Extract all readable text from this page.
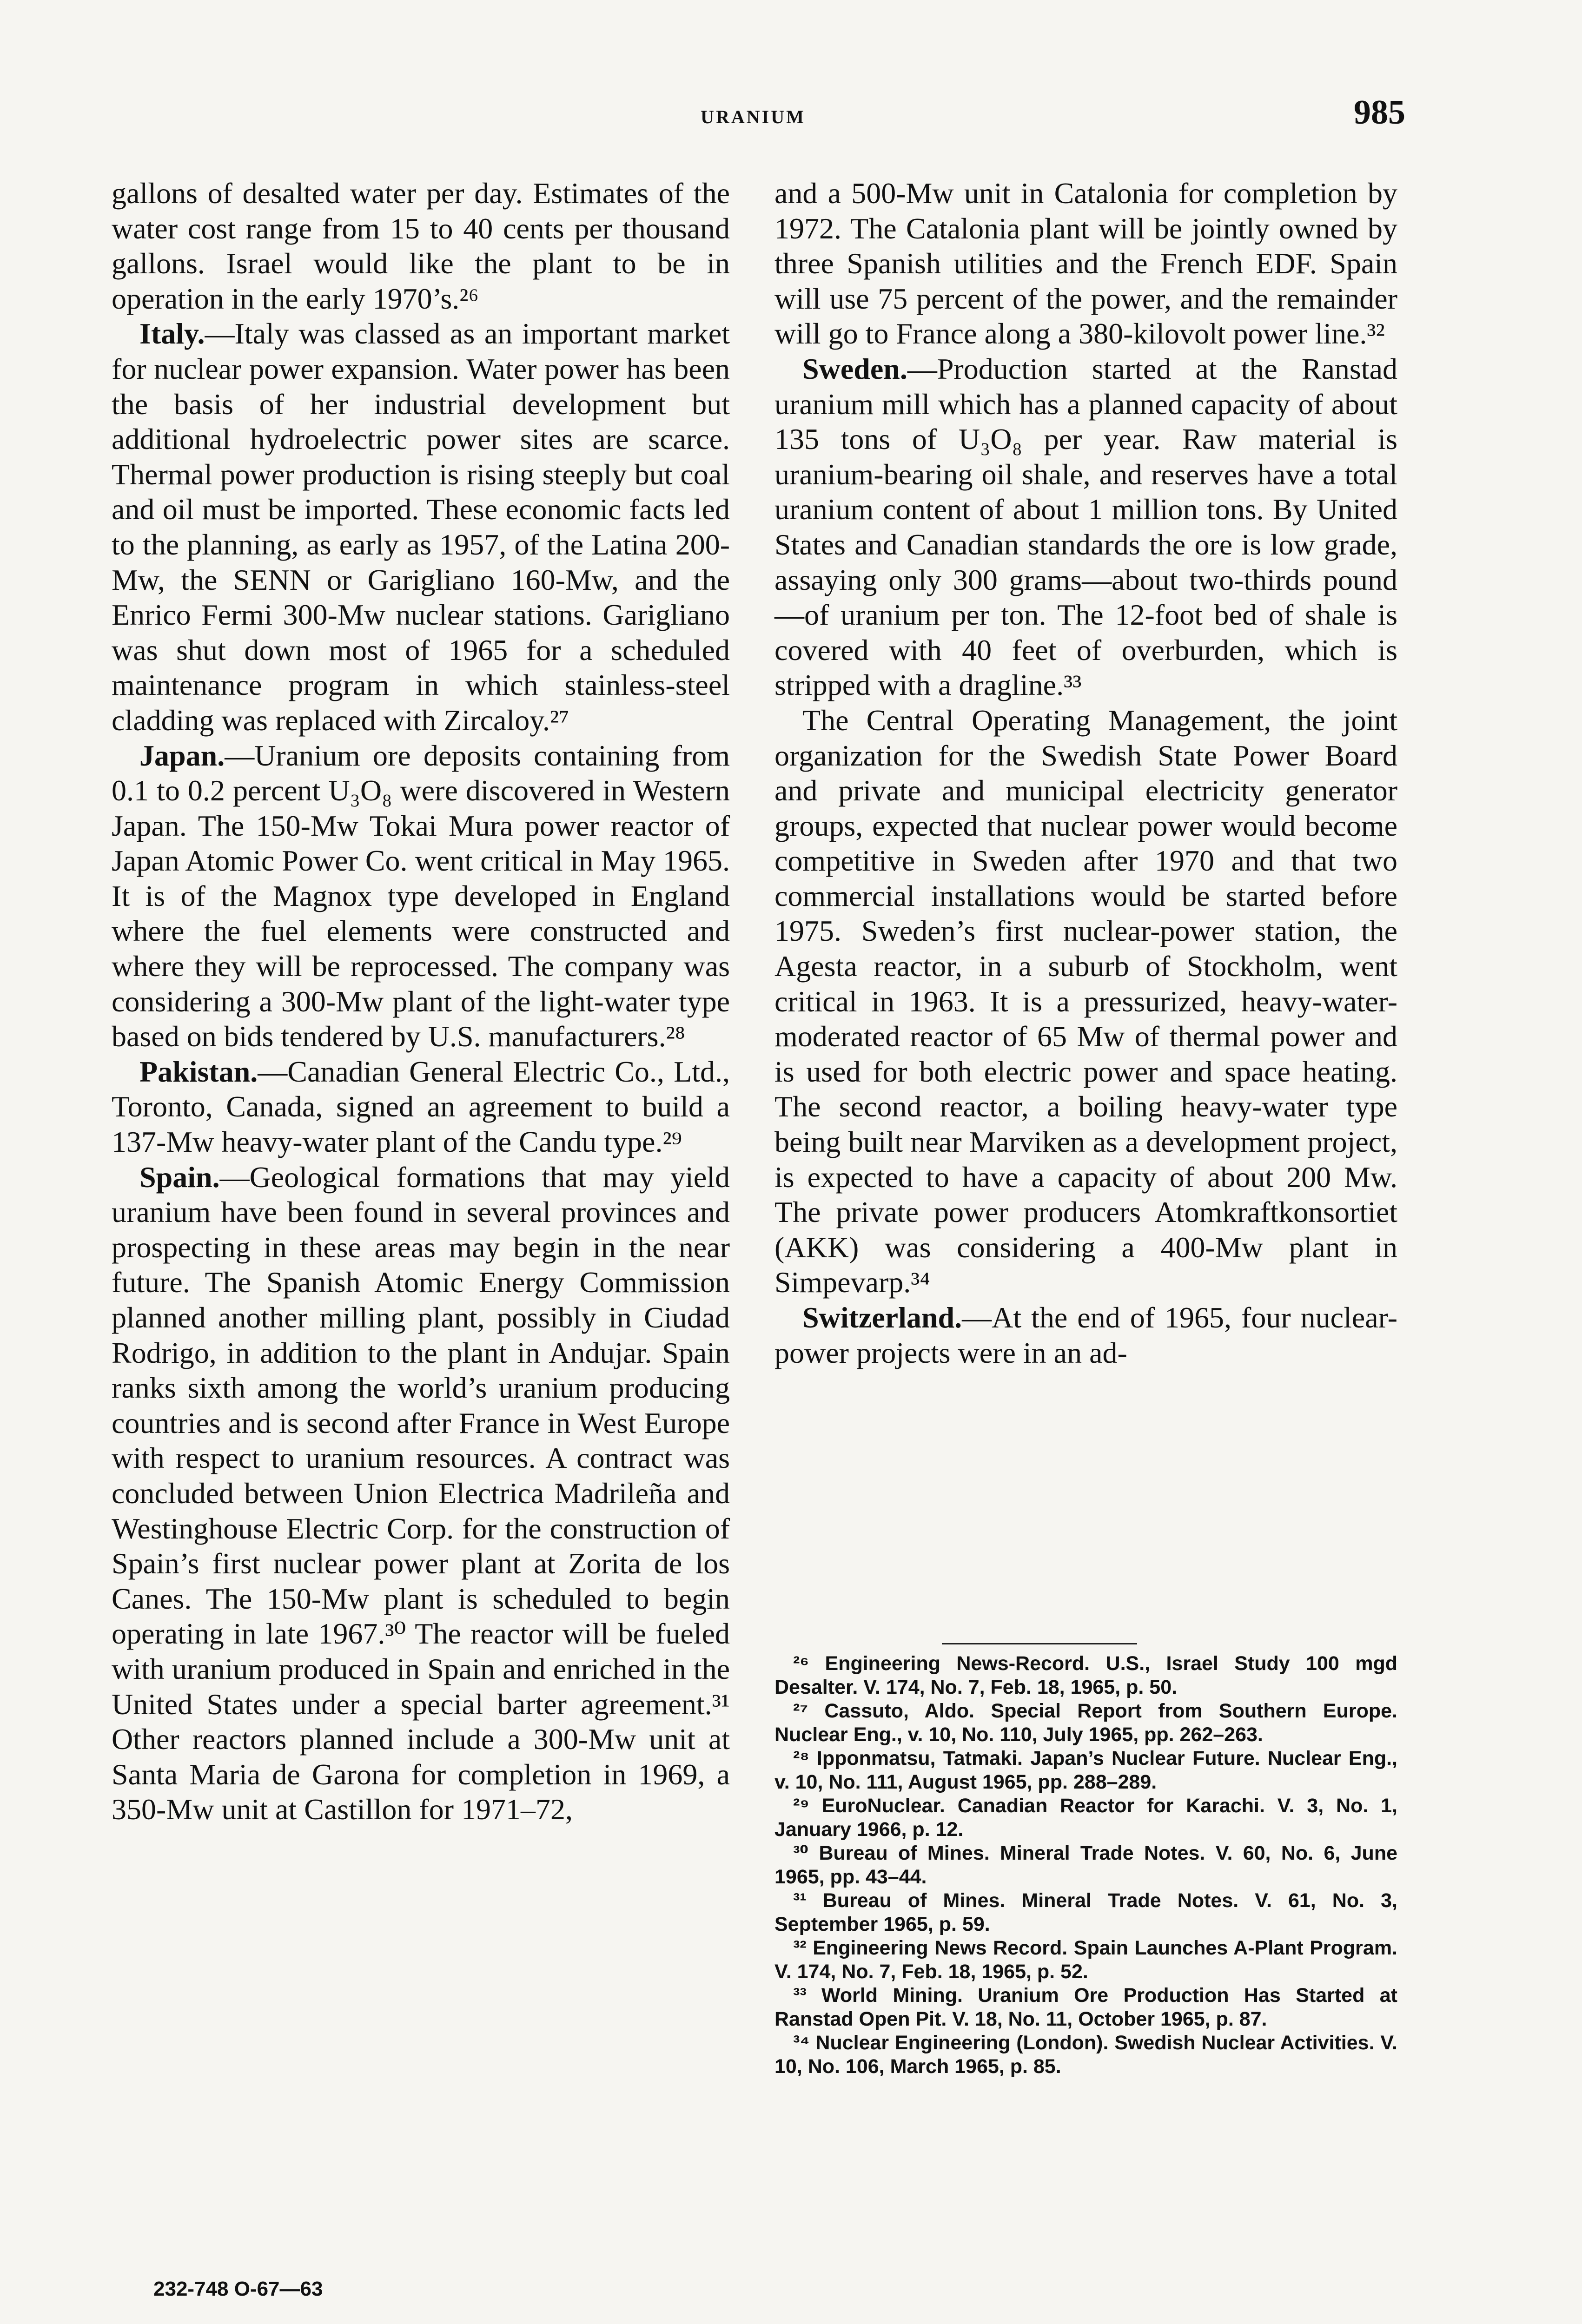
URANIUM	985

gallons of desalted water per day. Estimates of the water cost range from 15 to 40 cents per thousand gallons. Israel would like the plant to be in operation in the early 1970’s.²⁶

Italy.—Italy was classed as an important market for nuclear power expansion. Water power has been the basis of her industrial development but additional hydroelectric power sites are scarce. Thermal power production is rising steeply but coal and oil must be imported. These economic facts led to the planning, as early as 1957, of the Latina 200-Mw, the SENN or Garigliano 160-Mw, and the Enrico Fermi 300-Mw nuclear stations. Garigliano was shut down most of 1965 for a scheduled maintenance program in which stainless-steel cladding was replaced with Zircaloy.²⁷

Japan.—Uranium ore deposits containing from 0.1 to 0.2 percent U₃O₈ were discovered in Western Japan. The 150-Mw Tokai Mura power reactor of Japan Atomic Power Co. went critical in May 1965. It is of the Magnox type developed in England where the fuel elements were constructed and where they will be reprocessed. The company was considering a 300-Mw plant of the light-water type based on bids tendered by U.S. manufacturers.²⁸

Pakistan.—Canadian General Electric Co., Ltd., Toronto, Canada, signed an agreement to build a 137-Mw heavy-water plant of the Candu type.²⁹

Spain.—Geological formations that may yield uranium have been found in several provinces and prospecting in these areas may begin in the near future. The Spanish Atomic Energy Commission planned another milling plant, possibly in Ciudad Rodrigo, in addition to the plant in Andujar. Spain ranks sixth among the world’s uranium producing countries and is second after France in West Europe with respect to uranium resources. A contract was concluded between Union Electrica Madrileña and Westinghouse Electric Corp. for the construction of Spain’s first nuclear power plant at Zorita de los Canes. The 150-Mw plant is scheduled to begin operating in late 1967.³⁰ The reactor will be fueled with uranium produced in Spain and enriched in the United States under a special barter agreement.³¹ Other reactors planned include a 300-Mw unit at Santa Maria de Garona for completion in 1969, a 350-Mw unit at Castillon for 1971–72,

and a 500-Mw unit in Catalonia for completion by 1972. The Catalonia plant will be jointly owned by three Spanish utilities and the French EDF. Spain will use 75 percent of the power, and the remainder will go to France along a 380-kilovolt power line.³²

Sweden.—Production started at the Ranstad uranium mill which has a planned capacity of about 135 tons of U₃O₈ per year. Raw material is uranium-bearing oil shale, and reserves have a total uranium content of about 1 million tons. By United States and Canadian standards the ore is low grade, assaying only 300 grams—about two-thirds pound—of uranium per ton. The 12-foot bed of shale is covered with 40 feet of overburden, which is stripped with a dragline.³³

The Central Operating Management, the joint organization for the Swedish State Power Board and private and municipal electricity generator groups, expected that nuclear power would become competitive in Sweden after 1970 and that two commercial installations would be started before 1975. Sweden’s first nuclear-power station, the Agesta reactor, in a suburb of Stockholm, went critical in 1963. It is a pressurized, heavy-water-moderated reactor of 65 Mw of thermal power and is used for both electric power and space heating. The second reactor, a boiling heavy-water type being built near Marviken as a development project, is expected to have a capacity of about 200 Mw. The private power producers Atomkraftkonsortiet (AKK) was considering a 400-Mw plant in Simpevarp.³⁴

Switzerland.—At the end of 1965, four nuclear-power projects were in an ad-

²⁶ Engineering News-Record. U.S., Israel Study 100 mgd Desalter. V. 174, No. 7, Feb. 18, 1965, p. 50.

²⁷ Cassuto, Aldo. Special Report from Southern Europe. Nuclear Eng., v. 10, No. 110, July 1965, pp. 262–263.

²⁸ Ipponmatsu, Tatmaki. Japan’s Nuclear Future. Nuclear Eng., v. 10, No. 111, August 1965, pp. 288–289.

²⁹ EuroNuclear. Canadian Reactor for Karachi. V. 3, No. 1, January 1966, p. 12.

³⁰ Bureau of Mines. Mineral Trade Notes. V. 60, No. 6, June 1965, pp. 43–44.

³¹ Bureau of Mines. Mineral Trade Notes. V. 61, No. 3, September 1965, p. 59.

³² Engineering News Record. Spain Launches A-Plant Program. V. 174, No. 7, Feb. 18, 1965, p. 52.

³³ World Mining. Uranium Ore Production Has Started at Ranstad Open Pit. V. 18, No. 11, October 1965, p. 87.

³⁴ Nuclear Engineering (London). Swedish Nuclear Activities. V. 10, No. 106, March 1965, p. 85.

232-748 O-67—63
